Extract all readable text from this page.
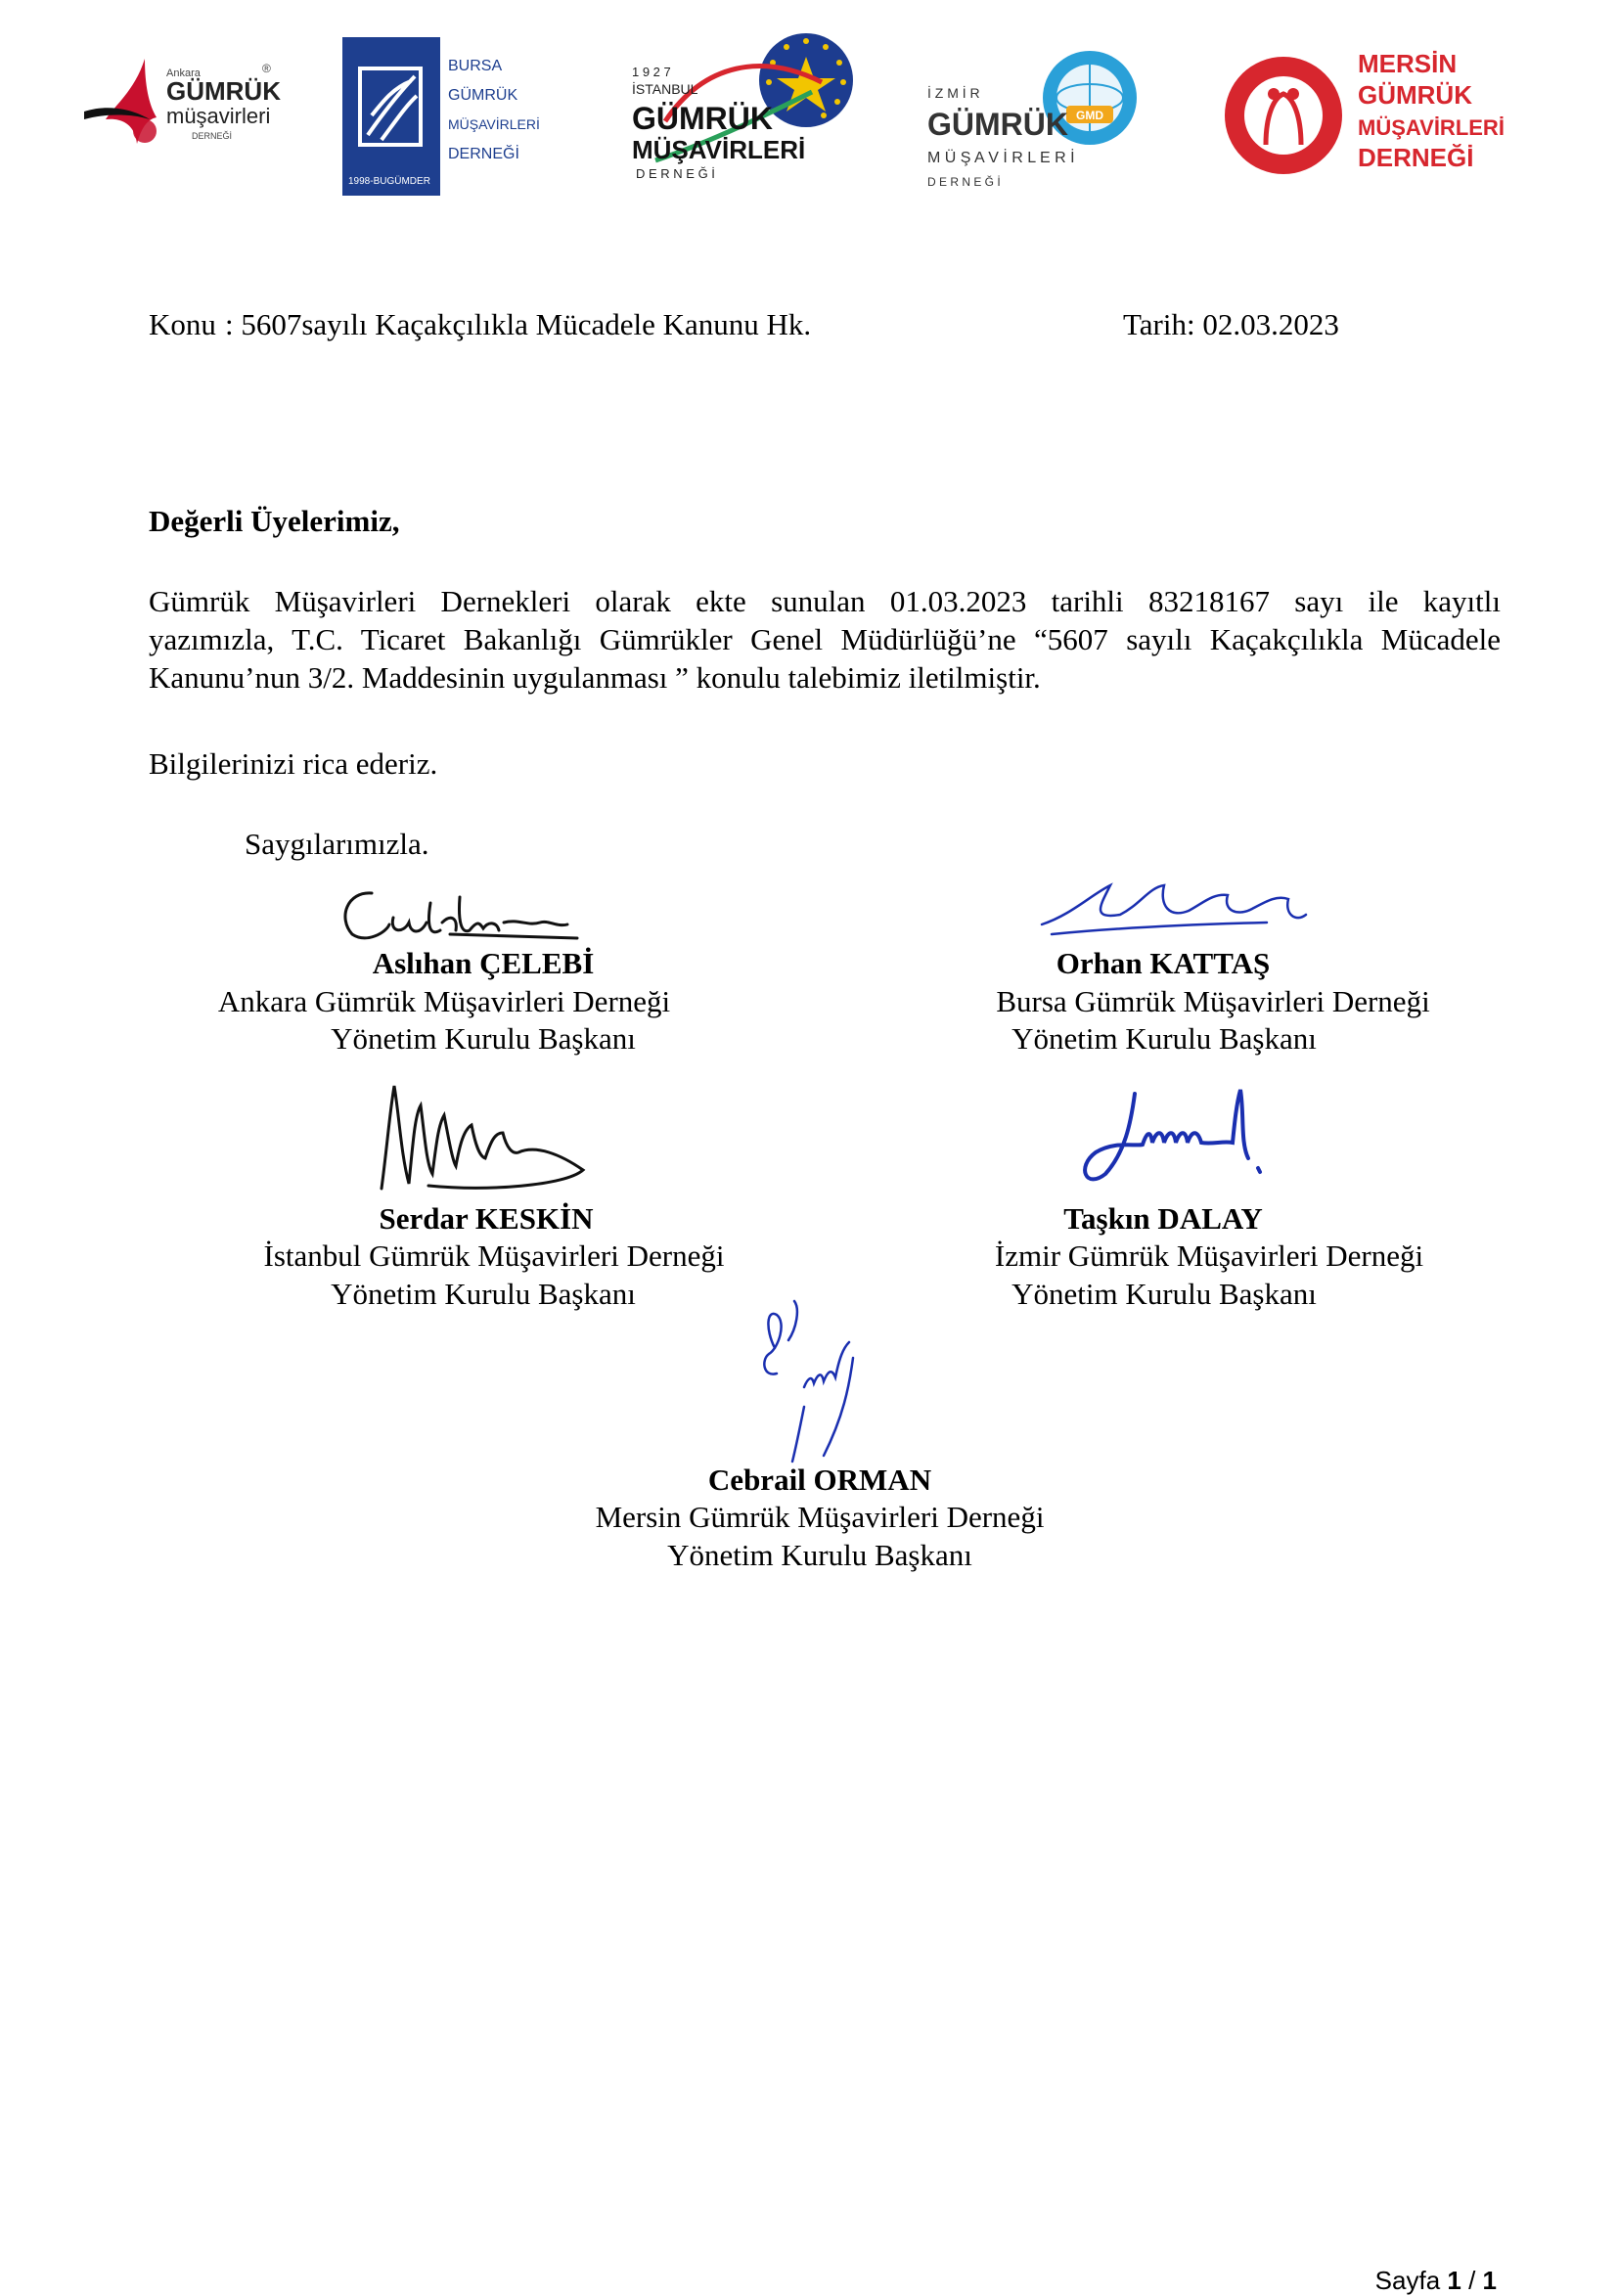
Ankara
GÜMRÜK
müşavirleri
DERNEĞİ
®
1998-BUGÜMDER
BURSA
GÜMRÜK
MÜŞAVİRLERİ
DERNEĞİ
1 9 2 7
İSTANBUL
GÜMRÜK
MÜŞAVİRLERİ
D E R N E Ğ İ
GMD
İ Z M İ R
GÜMRÜK
M Ü Ş A V İ R L E R İ
D E R N E Ğ İ
MERSİN
GÜMRÜK
MÜŞAVİRLERİ
DERNEĞİ
MERSİN
GÜMRÜK MÜŞAVİRLERİ DERNEĞİ
Konu : 5607sayılı Kaçakçılıkla Mücadele Kanunu Hk.	Tarih: 02.03.2023
Değerli Üyelerimiz,
Gümrük Müşavirleri Dernekleri olarak ekte sunulan 01.03.2023 tarihli 83218167 sayı ile kayıtlı
yazımızla, T.C. Ticaret Bakanlığı Gümrükler Genel Müdürlüğü’ne “5607 sayılı Kaçakçılıkla Mücadele
Kanunu’nun 3/2. Maddesinin uygulanması ” konulu talebimiz iletilmiştir.
Bilgilerinizi rica ederiz.
Saygılarımızla.
Aslıhan ÇELEBİ
Ankara Gümrük Müşavirleri Derneği
Yönetim Kurulu Başkanı
Orhan KATTAŞ
Bursa Gümrük Müşavirleri Derneği
Yönetim Kurulu Başkanı
Serdar KESKİN
İstanbul Gümrük Müşavirleri Derneği
Yönetim Kurulu Başkanı
Taşkın DALAY
İzmir Gümrük Müşavirleri Derneği
Yönetim Kurulu Başkanı
Cebrail ORMAN
Mersin Gümrük Müşavirleri Derneği
Yönetim Kurulu Başkanı
Sayfa 1 / 1
